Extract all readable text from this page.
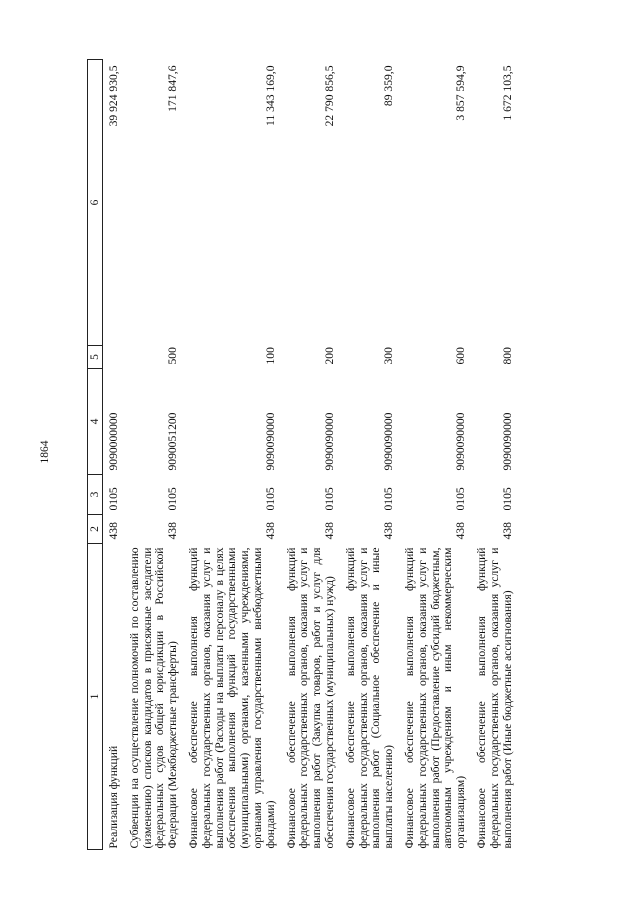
1864
1	2	3	4	5	6
Реализация функций	438	0105	9090000000		39 924 930,5
Субвенции на осуществление полномочий по составлению (изменению) списков кандидатов в присяжные заседатели федеральных судов общей юрисдикции в Российской Федерации (Межбюджетные трансферты)	438	0105	9090051200	500	171 847,6
Финансовое обеспечение выполнения функций федеральных государственных органов, оказания услуг и выполнения работ (Расходы на выплаты персоналу в целях обеспечения выполнения функций государственными (муниципальными) органами, казенными учреждениями, органами управления государственными внебюджетными фондами)	438	0105	9090090000	100	11 343 169,0
Финансовое обеспечение выполнения функций федеральных государственных органов, оказания услуг и выполнения работ (Закупка товаров, работ и услуг для обеспечения государственных (муниципальных) нужд)	438	0105	9090090000	200	22 790 856,5
Финансовое обеспечение выполнения функций федеральных государственных органов, оказания услуг и выполнения работ (Социальное обеспечение и иные выплаты населению)	438	0105	9090090000	300	89 359,0
Финансовое обеспечение выполнения функций федеральных государственных органов, оказания услуг и выполнения работ (Предоставление субсидий бюджетным, автономным учреждениям и иным некоммерческим организациям)	438	0105	9090090000	600	3 857 594,9
Финансовое обеспечение выполнения функций федеральных государственных органов, оказания услуг и выполнения работ (Иные бюджетные ассигнования)	438	0105	9090090000	800	1 672 103,5
